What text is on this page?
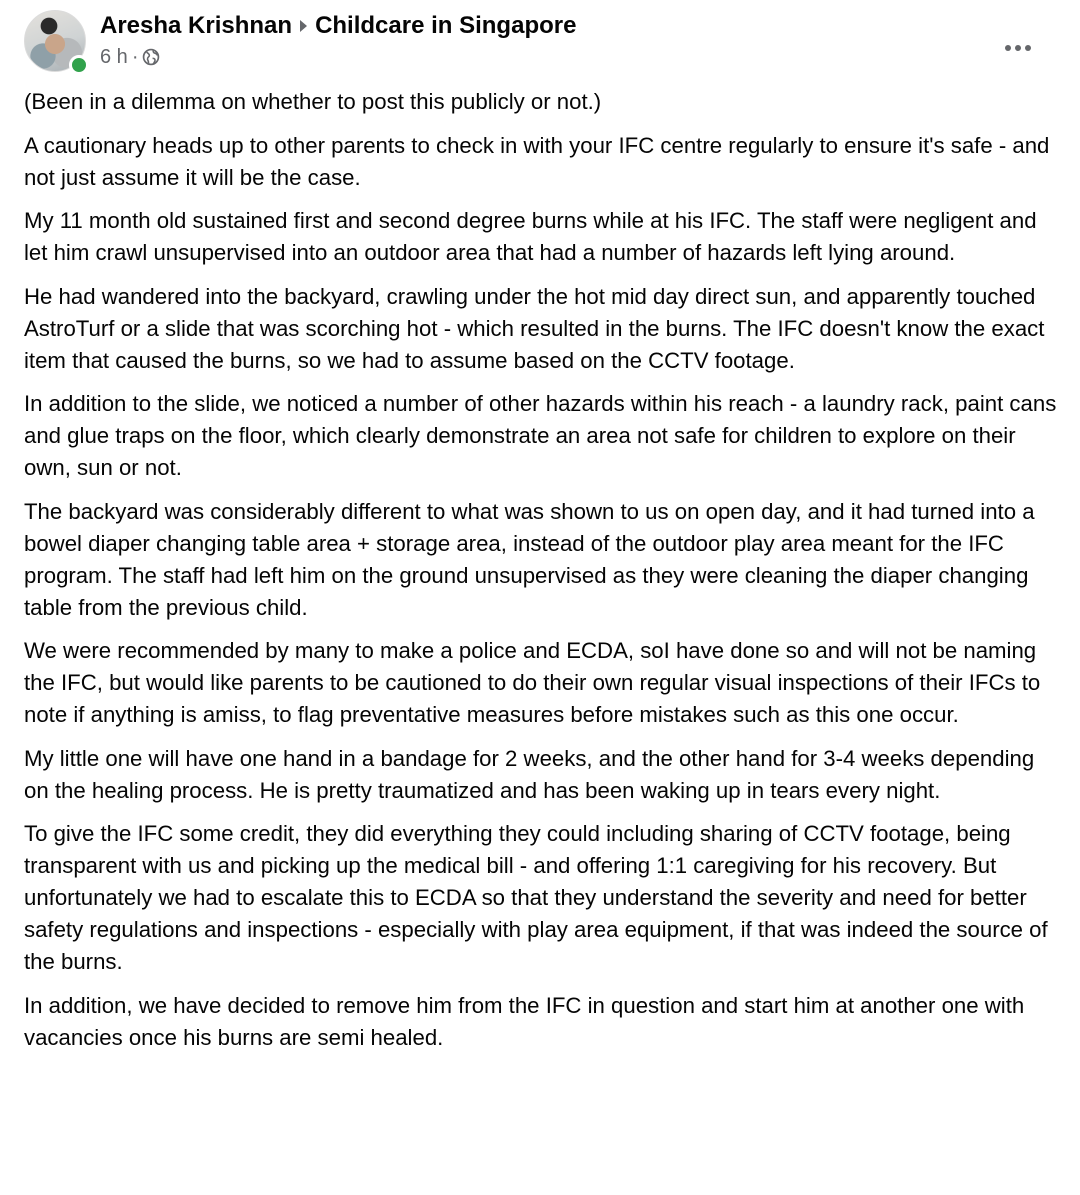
Aresha Krishnan Childcare in Singapore
6 h ·

(Been in a dilemma on whether to post this publicly or not.)

A cautionary heads up to other parents to check in with your IFC centre regularly to ensure it's safe - and not just assume it will be the case.

My 11 month old sustained first and second degree burns while at his IFC. The staff were negligent and let him crawl unsupervised into an outdoor area that had a number of hazards left lying around.

He had wandered into the backyard, crawling under the hot mid day direct sun, and apparently touched AstroTurf or a slide that was scorching hot - which resulted in the burns. The IFC doesn't know the exact item that caused the burns, so we had to assume based on the CCTV footage.

In addition to the slide, we noticed a number of other hazards within his reach - a laundry rack, paint cans and glue traps on the floor, which clearly demonstrate an area not safe for children to explore on their own, sun or not.

The backyard was considerably different to what was shown to us on open day, and it had turned into a bowel diaper changing table area + storage area, instead of the outdoor play area meant for the IFC program. The staff had left him on the ground unsupervised as they were cleaning the diaper changing table from the previous child.

We were recommended by many to make a police and ECDA, soI have done so and will not be naming the IFC, but would like parents to be cautioned to do their own regular visual inspections of their IFCs to note if anything is amiss, to flag preventative measures before mistakes such as this one occur.

My little one will have one hand in a bandage for 2 weeks, and the other hand for 3-4 weeks depending on the healing process. He is pretty traumatized and has been waking up in tears every night.

To give the IFC some credit, they did everything they could including sharing of CCTV footage, being transparent with us and picking up the medical bill - and offering 1:1 caregiving for his recovery. But unfortunately we had to escalate this to ECDA so that they understand the severity and need for better safety regulations and inspections - especially with play area equipment, if that was indeed the source of the burns.

In addition, we have decided to remove him from the IFC in question and start him at another one with vacancies once his burns are semi healed.
